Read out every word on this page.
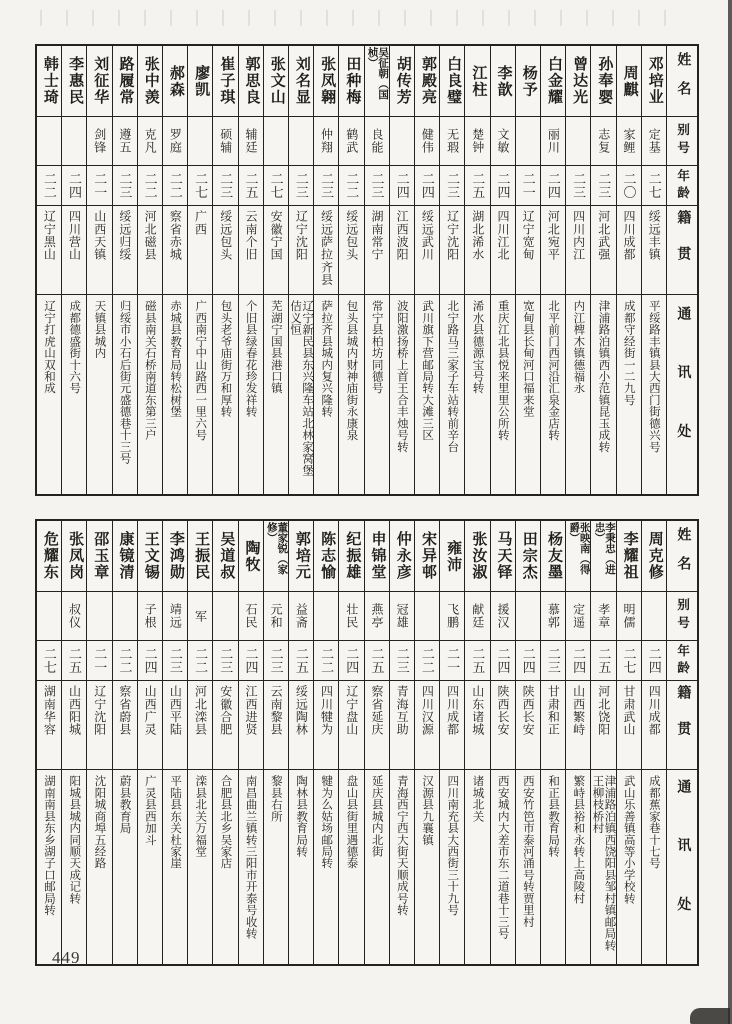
姓名
别号
年龄
籍贯
通讯处
邓培业
定基
二七
绥远丰镇
平绥路丰镇县大西门街德兴号
周麒
家鲤
二〇
四川成都
成都守经街一二九号
孙奉婴
志复
二三
河北武强
津浦路泊镇西小范镇昆玉成转
曾达光
二三
四川内江
内江椑木镇德福永
白金耀
丽川
二四
河北宛平
北平前门西河沿汇泉金店转
杨予
二一
辽宁宽甸
宽甸县长甸河口福来堂
李歆
文敏
二四
四川江北
重庆江北县悦来里里公所转
江柱
楚钟
二五
湖北浠水
浠水县德源宝号转
白良璧
无瑕
二三
辽宁沈阳
北宁路马三家子车站转前辛台
郭殿亮
健伟
二四
绥远武川
武川旗下营邮局转大滩三区
胡传芳
二四
江西波阳
波阳激扬桥上首王合丰烛号转
吴征朝（国桢）
良能
二三
湖南常宁
常宁县柏坊同德号
田种梅
鹤武
二二
绥远包头
包头县城内财神庙街永康泉
张凤翱
仲翔
二三
绥远萨拉齐县
萨拉齐县城内复兴隆转
刘名显
二三
辽宁沈阳
辽宁新民县东兴隆车站北林家窝堡佶义恒
张文山
二七
安徽宁国
芜湖宁国县港口镇
郭思良
辅廷
二五
云南个旧
个旧县绿春花珍发祥转
崔子琪
硕辅
二三
绥远包头
包头老爷庙街万和厚转
廖凯
二七
广西
广西南宁中山路西一里六号
郝森
罗庭
二二
察省赤城
赤城县教育局转松树堡
张中羡
克凡
二二
河北磁县
磁县南关石桥南道东第三户
路履常
遵五
二三
绥远归绥
归绥市小石后街元盛德巷十三号
刘征华
剑锋
二一
山西天镇
天镇县城内
李惠民
二四
四川营山
成都德盛街十六号
韩士琦
二二
辽宁黑山
辽宁打虎山双和成
姓名
别号
年龄
籍贯
通讯处
周克修
二四
四川成都
成都蕉家巷十七号
李耀祖
明儒
二七
甘肃武山
武山乐善镇高等小学校转
李秉忠（进忠）
孝章
二五
河北饶阳
津浦路泊镇西饶阳县邹村镇邮局转王柳枝桥村
张映南（得爵）
定遥
二四
山西繁峙
繁峙县裕和永转上高陵村
杨友墨
慕郭
二三
甘肃和正
和正县教育局转
田宗杰
二四
陕西长安
西安竹笆市泰河涌号转贾里村
马天铎
援汉
二四
陕西长安
西安城内大差市东二道巷十三号
张汝淑
献廷
二五
山东诸城
诸城北关
雍沛
飞鹏
二一
四川成都
四川南充县大西街三十九号
宋异邨
二二
四川汉源
汉源县九襄镇
仲永彦
冠雄
二三
青海互助
青海西宁西大街天顺成号转
申锦堂
燕亭
二五
察省延庆
延庆县城内北街
纪振雄
壮民
二四
辽宁盘山
盘山县街里遇德泰
陈志愉
二二
四川犍为
犍为么姑场邮局转
郭培元
益斋
二五
绥远陶林
陶林县教育局转
董家锐（家修）
元和
二三
云南黎县
黎县右所
陶牧
石民
二四
江西进贤
南昌曲兰镇转三阳市开泰号收转
吴道叔
二三
安徽合肥
合肥县北乡吴家店
王振民
军
二二
河北滦县
滦县北关万福堂
李鸿勋
靖远
二三
山西平陆
平陆县东关杜家崖
王文锡
子根
二四
山西广灵
广灵县西加斗
康镜清
二二
察省蔚县
蔚县教育局
邵玉章
二一
辽宁沈阳
沈阳城商埠五经路
张凤岗
叔仪
二五
山西阳城
阳城县城内同顺天成记转
危耀东
二七
湖南华容
湖南南县东乡湖子口邮局转
449
